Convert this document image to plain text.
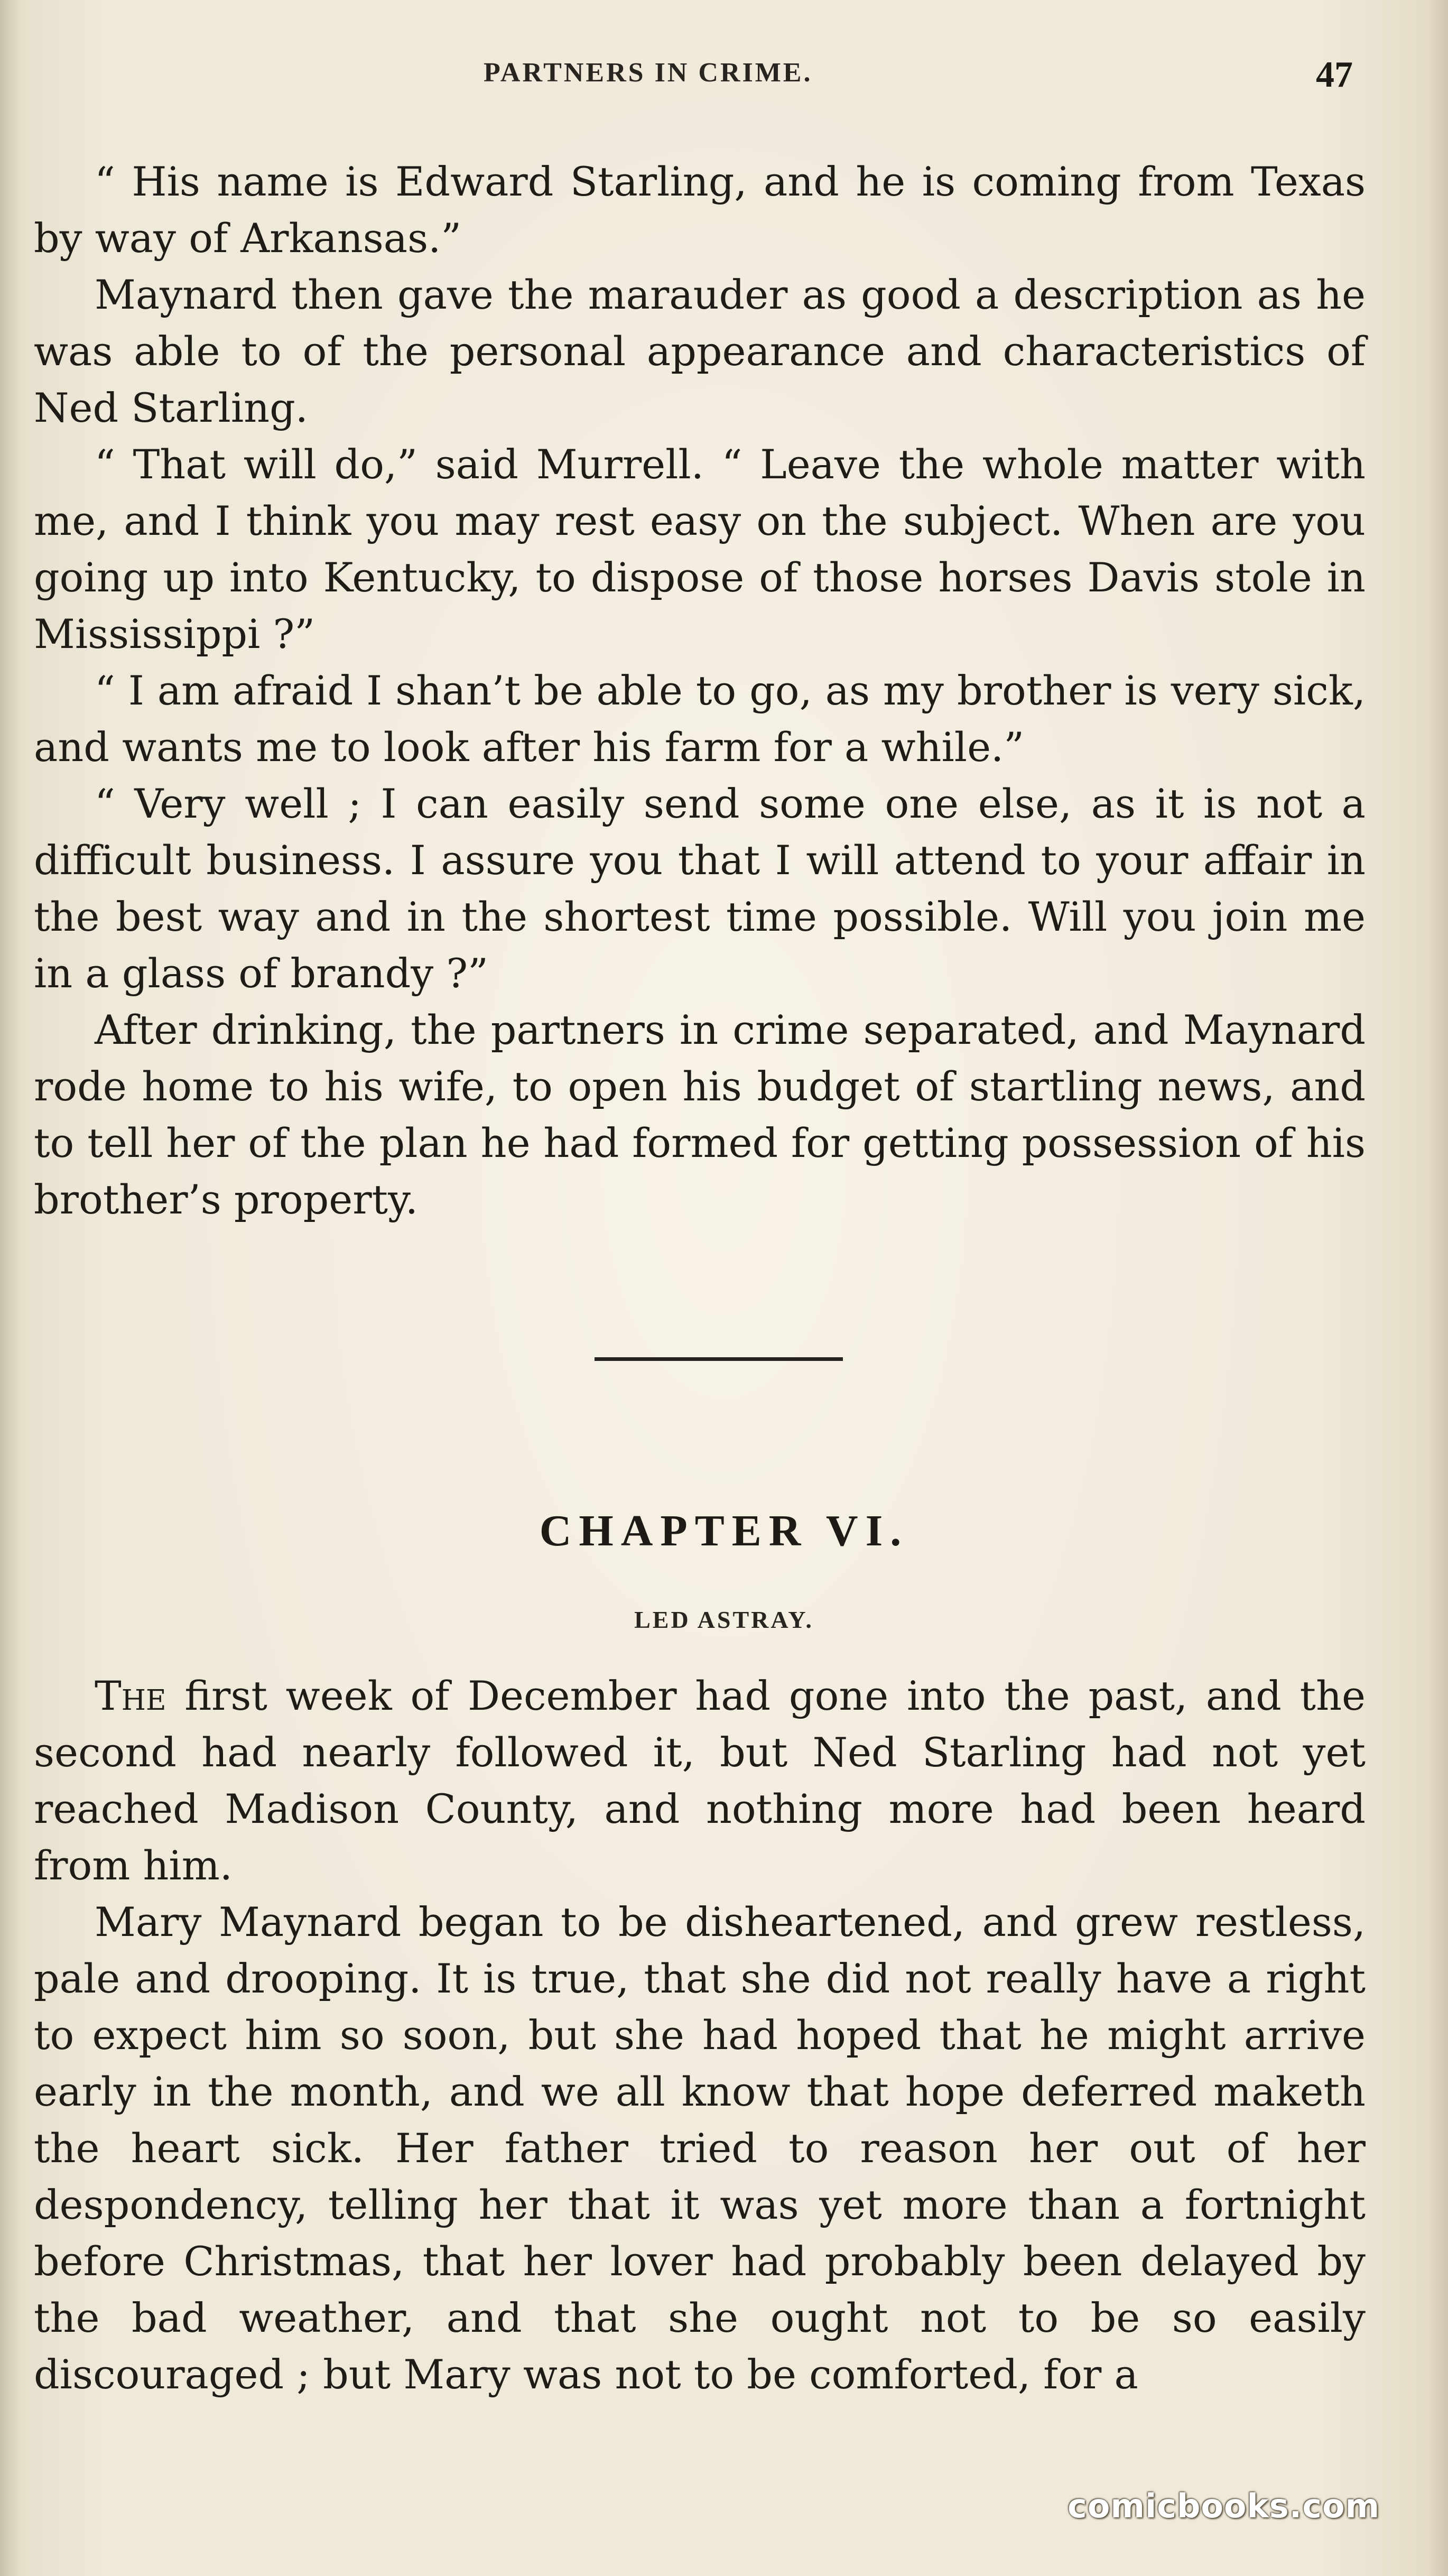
PARTNERS IN CRIME.	47

“ His name is Edward Starling, and he is coming from Texas by way of Arkansas.”

Maynard then gave the marauder as good a description as he was able to of the personal appearance and characteristics of Ned Starling.

“ That will do,” said Murrell. “ Leave the whole matter with me, and I think you may rest easy on the subject. When are you going up into Kentucky, to dispose of those horses Davis stole in Mississippi ?”

“ I am afraid I shan’t be able to go, as my brother is very sick, and wants me to look after his farm for a while.”

“ Very well ; I can easily send some one else, as it is not a difficult business. I assure you that I will attend to your affair in the best way and in the shortest time possible. Will you join me in a glass of brandy ?”

After drinking, the partners in crime separated, and Maynard rode home to his wife, to open his budget of startling news, and to tell her of the plan he had formed for getting possession of his brother’s property.

CHAPTER VI.
LED ASTRAY.

The first week of December had gone into the past, and the second had nearly followed it, but Ned Starling had not yet reached Madison County, and nothing more had been heard from him.

Mary Maynard began to be disheartened, and grew restless, pale and drooping. It is true, that she did not really have a right to expect him so soon, but she had hoped that he might arrive early in the month, and we all know that hope deferred maketh the heart sick. Her father tried to reason her out of her despondency, telling her that it was yet more than a fortnight before Christmas, that her lover had probably been delayed by the bad weather, and that she ought not to be so easily discouraged ; but Mary was not to be comforted, for a

comicbooks.com
